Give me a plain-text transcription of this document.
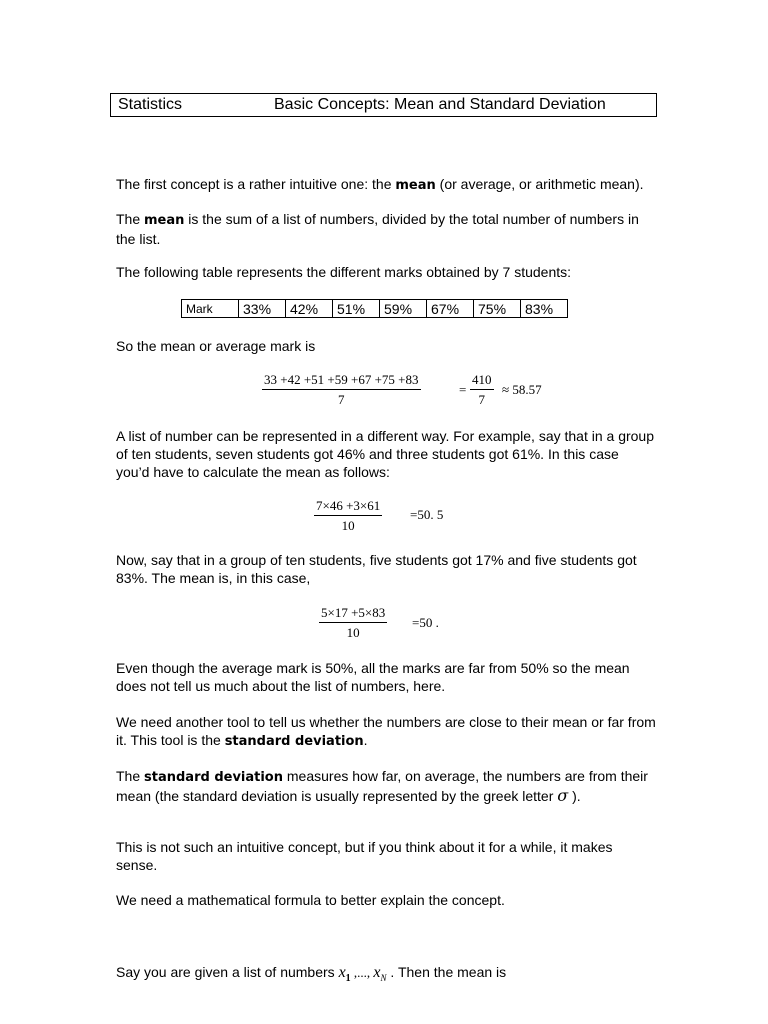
Statistics	Basic Concepts: Mean and Standard Deviation
The first concept is a rather intuitive one: the mean (or average, or arithmetic mean).
The mean is the sum of a list of numbers, divided by the total number of numbers in the list.
The following table represents the different marks obtained by 7 students:
Mark	33%	42%	51%	59%	67%	75%	83%
So the mean or average mark is
$\frac{33 +42 +51 +59 +67 +75 +83}{7}$	= $\frac{410}{7} \approx 58.57$
A list of number can be represented in a different way. For example, say that in a group of ten students, seven students got 46% and three students got 61%. In this case you’d have to calculate the mean as follows:
$\frac{7\times 46 +3\times 61}{10} =50$. 5
Now, say that in a group of ten students, five students got 17% and five students got 83%. The mean is, in this case,
$\frac{5\times 17 +5\times 83}{10} =50$ .
Even though the average mark is 50%, all the marks are far from 50% so the mean does not tell us much about the list of numbers, here.
We need another tool to tell us whether the numbers are close to their mean or far from it. This tool is the standard deviation.
The standard deviation measures how far, on average, the numbers are from their mean (the standard deviation is usually represented by the greek letter σ ).
This is not such an intuitive concept, but if you think about it for a while, it makes sense.
We need a mathematical formula to better explain the concept.
Say you are given a list of numbers $x_1$ ,..., $x_N$ . Then the mean is
